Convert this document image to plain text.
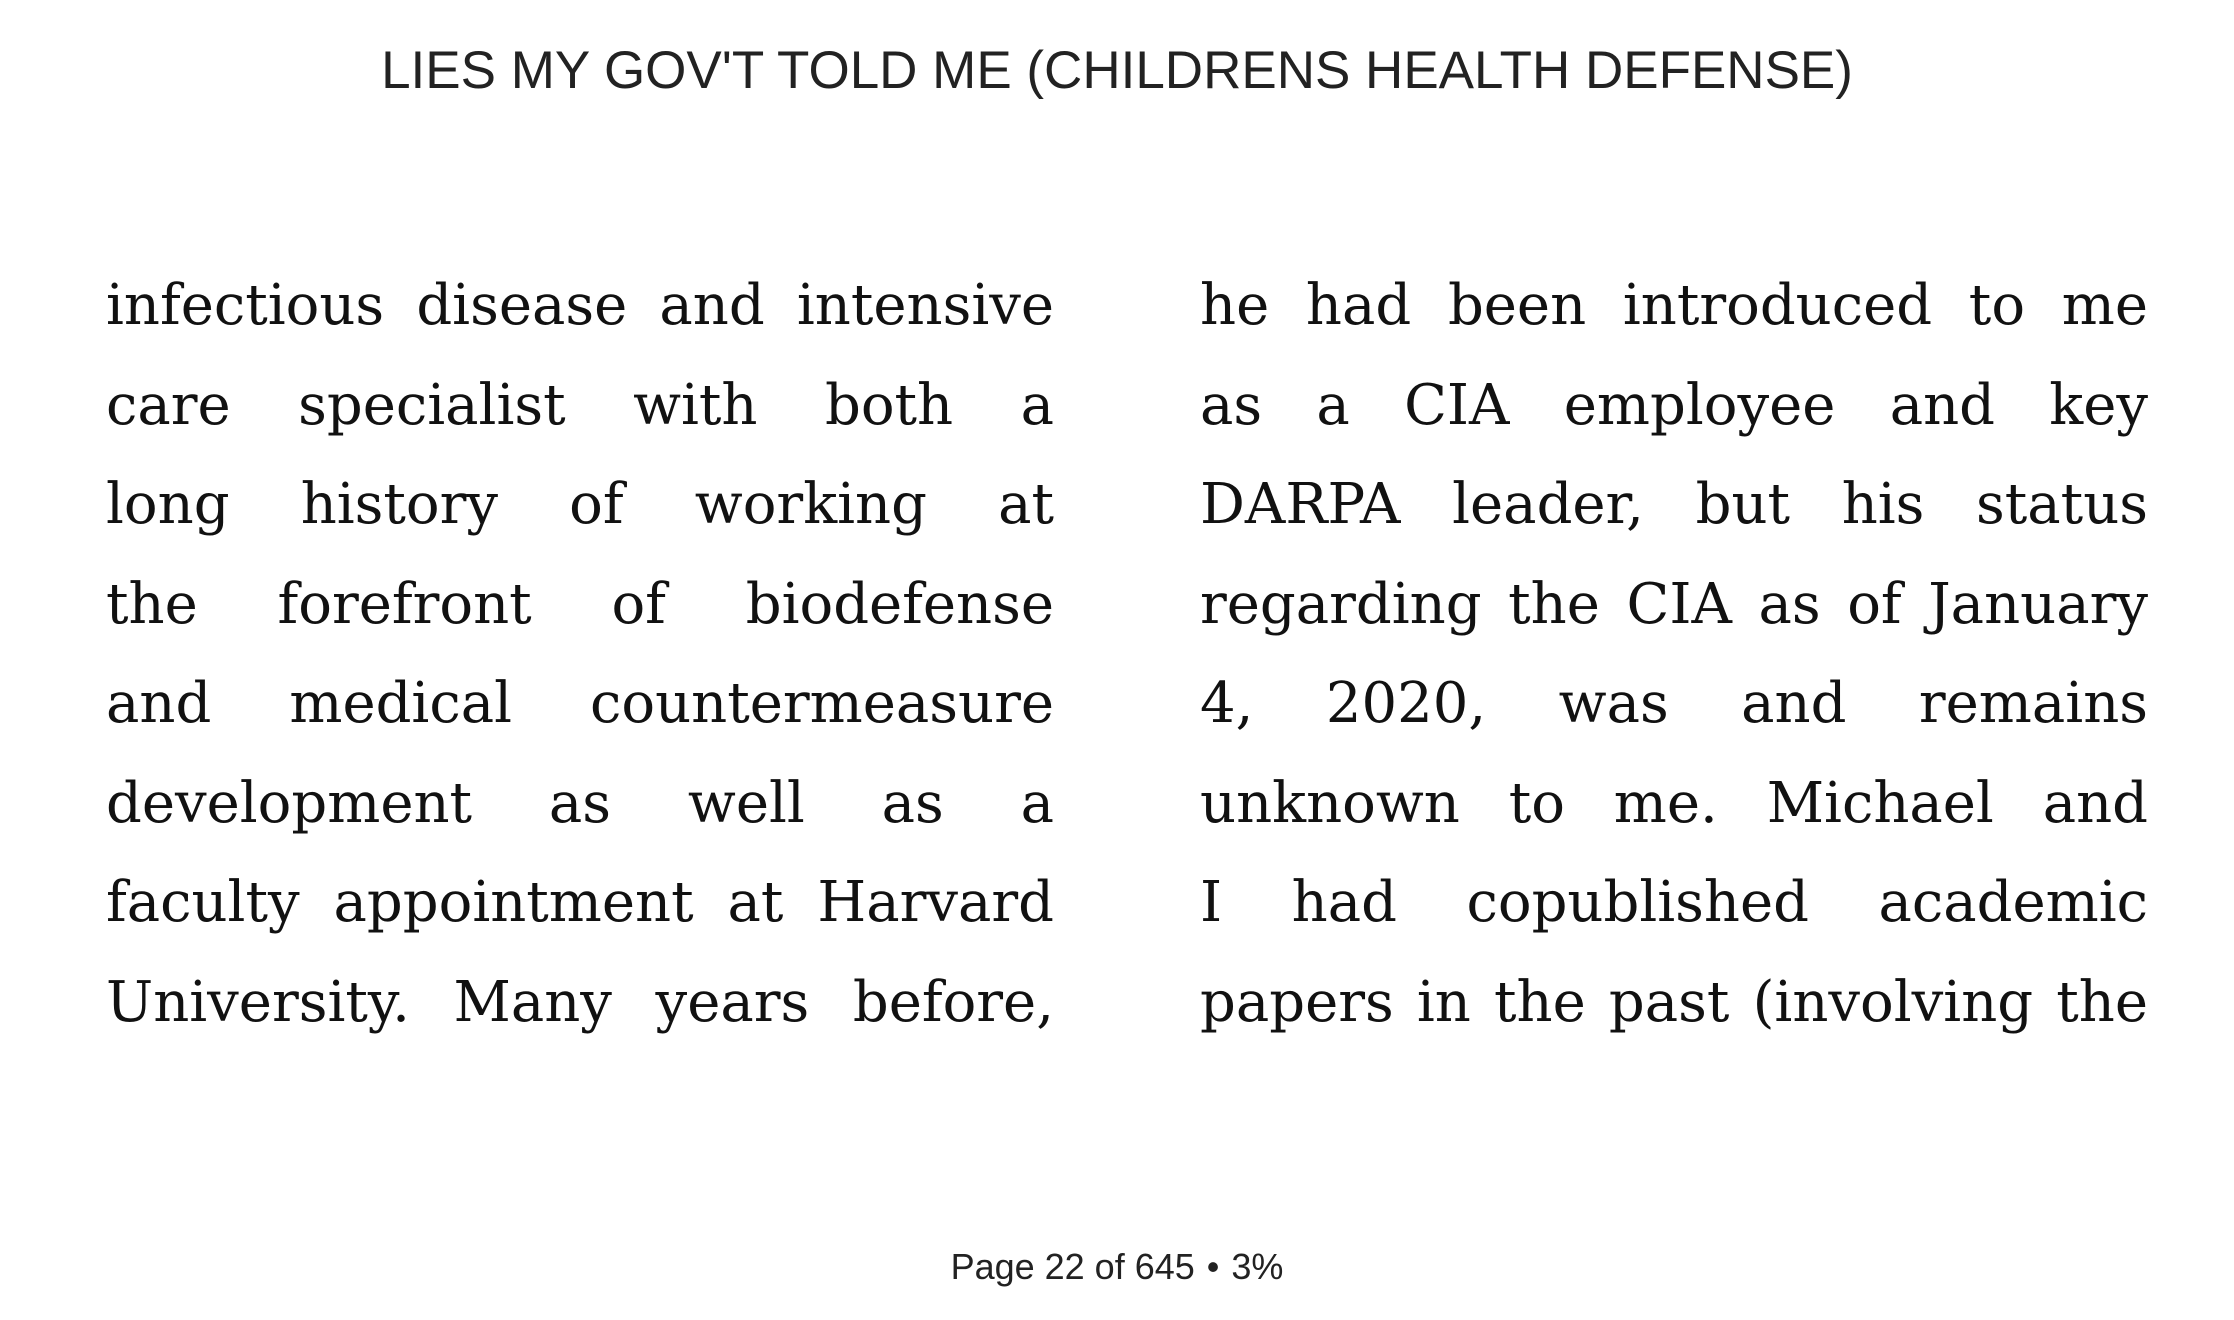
LIES MY GOV'T TOLD ME (CHILDRENS HEALTH DEFENSE)
infectious disease and intensive
care specialist with both a
long history of working at
the forefront of biodefense
and medical countermeasure
development as well as a
faculty appointment at Harvard
University. Many years before,
he had been introduced to me
as a CIA employee and key
DARPA leader, but his status
regarding the CIA as of January
4, 2020, was and remains
unknown to me. Michael and
I had copublished academic
papers in the past (involving the
Page 22 of 645 • 3%
